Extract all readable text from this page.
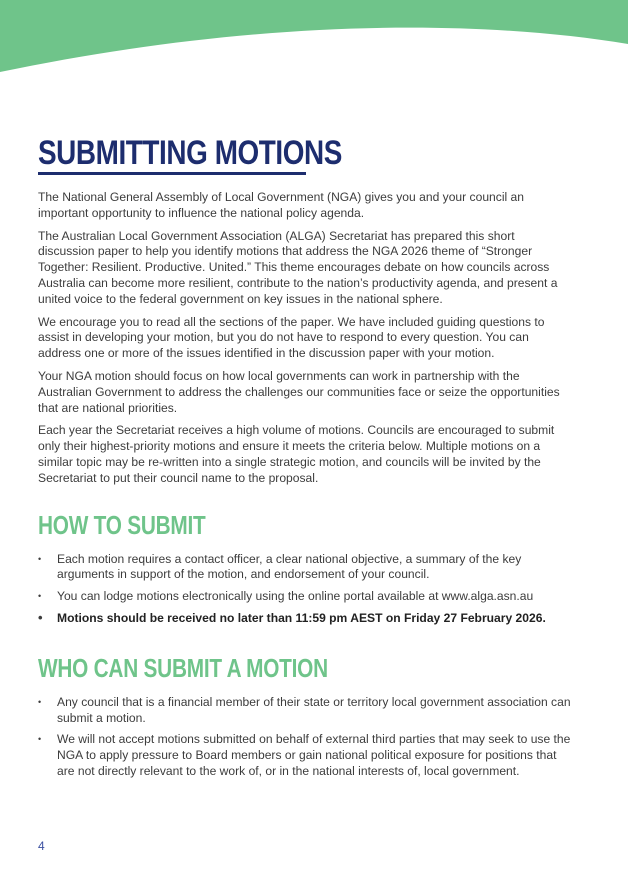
SUBMITTING MOTIONS

The National General Assembly of Local Government (NGA) gives you and your council an important opportunity to influence the national policy agenda.

The Australian Local Government Association (ALGA) Secretariat has prepared this short discussion paper to help you identify motions that address the NGA 2026 theme of “Stronger Together: Resilient. Productive. United.” This theme encourages debate on how councils across Australia can become more resilient, contribute to the nation’s productivity agenda, and present a united voice to the federal government on key issues in the national sphere.

We encourage you to read all the sections of the paper. We have included guiding questions to assist in developing your motion, but you do not have to respond to every question. You can address one or more of the issues identified in the discussion paper with your motion.

Your NGA motion should focus on how local governments can work in partnership with the Australian Government to address the challenges our communities face or seize the opportunities that are national priorities.

Each year the Secretariat receives a high volume of motions. Councils are encouraged to submit only their highest-priority motions and ensure it meets the criteria below. Multiple motions on a similar topic may be re-written into a single strategic motion, and councils will be invited by the Secretariat to put their council name to the proposal.

HOW TO SUBMIT
• Each motion requires a contact officer, a clear national objective, a summary of the key arguments in support of the motion, and endorsement of your council.
• You can lodge motions electronically using the online portal available at www.alga.asn.au
• Motions should be received no later than 11:59 pm AEST on Friday 27 February 2026.
WHO CAN SUBMIT A MOTION
• Any council that is a financial member of their state or territory local government association can submit a motion.
• We will not accept motions submitted on behalf of external third parties that may seek to use the NGA to apply pressure to Board members or gain national political exposure for positions that are not directly relevant to the work of, or in the national interests of, local government.
4
